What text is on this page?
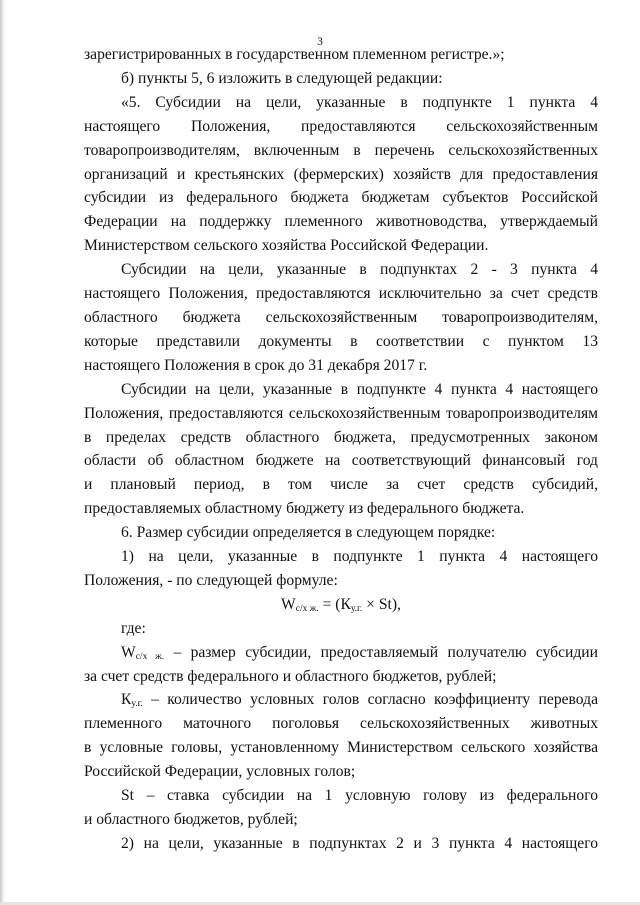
3

зарегистрированных в государственном племенном регистре.»;

б) пункты 5, 6 изложить в следующей редакции:

«5. Субсидии на цели, указанные в подпункте 1 пункта 4

настоящего Положения, предоставляются сельскохозяйственным

товаропроизводителям, включенным в перечень сельскохозяйственных

организаций и крестьянских (фермерских) хозяйств для предоставления

субсидии из федерального бюджета бюджетам субъектов Российской

Федерации на поддержку племенного животноводства, утверждаемый

Министерством сельского хозяйства Российской Федерации.

Субсидии на цели, указанные в подпунктах 2 - 3 пункта 4

настоящего Положения, предоставляются исключительно за счет средств

областного бюджета сельскохозяйственным товаропроизводителям,

которые представили документы в соответствии с пунктом 13

настоящего Положения в срок до 31 декабря 2017 г.

Субсидии на цели, указанные в подпункте 4 пункта 4 настоящего

Положения, предоставляются сельскохозяйственным товаропроизводителям

в пределах средств областного бюджета, предусмотренных законом

области об областном бюджете на соответствующий финансовый год

и плановый период, в том числе за счет средств субсидий,

предоставляемых областному бюджету из федерального бюджета.

6. Размер субсидии определяется в следующем порядке:

1) на цели, указанные в подпункте 1 пункта 4 настоящего

Положения, - по следующей формуле:

$W_{с/х ж.} = (К_{у.г.} \times St)$,

где:

$W_{с/х ж.}$ – размер субсидии, предоставляемый получателю субсидии

за счет средств федерального и областного бюджетов, рублей;

$К_{у.г.}$ – количество условных голов согласно коэффициенту перевода

племенного маточного поголовья сельскохозяйственных животных

в условные головы, установленному Министерством сельского хозяйства

Российской Федерации, условных голов;

St – ставка субсидии на 1 условную голову из федерального

и областного бюджетов, рублей;

2) на цели, указанные в подпунктах 2 и 3 пункта 4 настоящего
